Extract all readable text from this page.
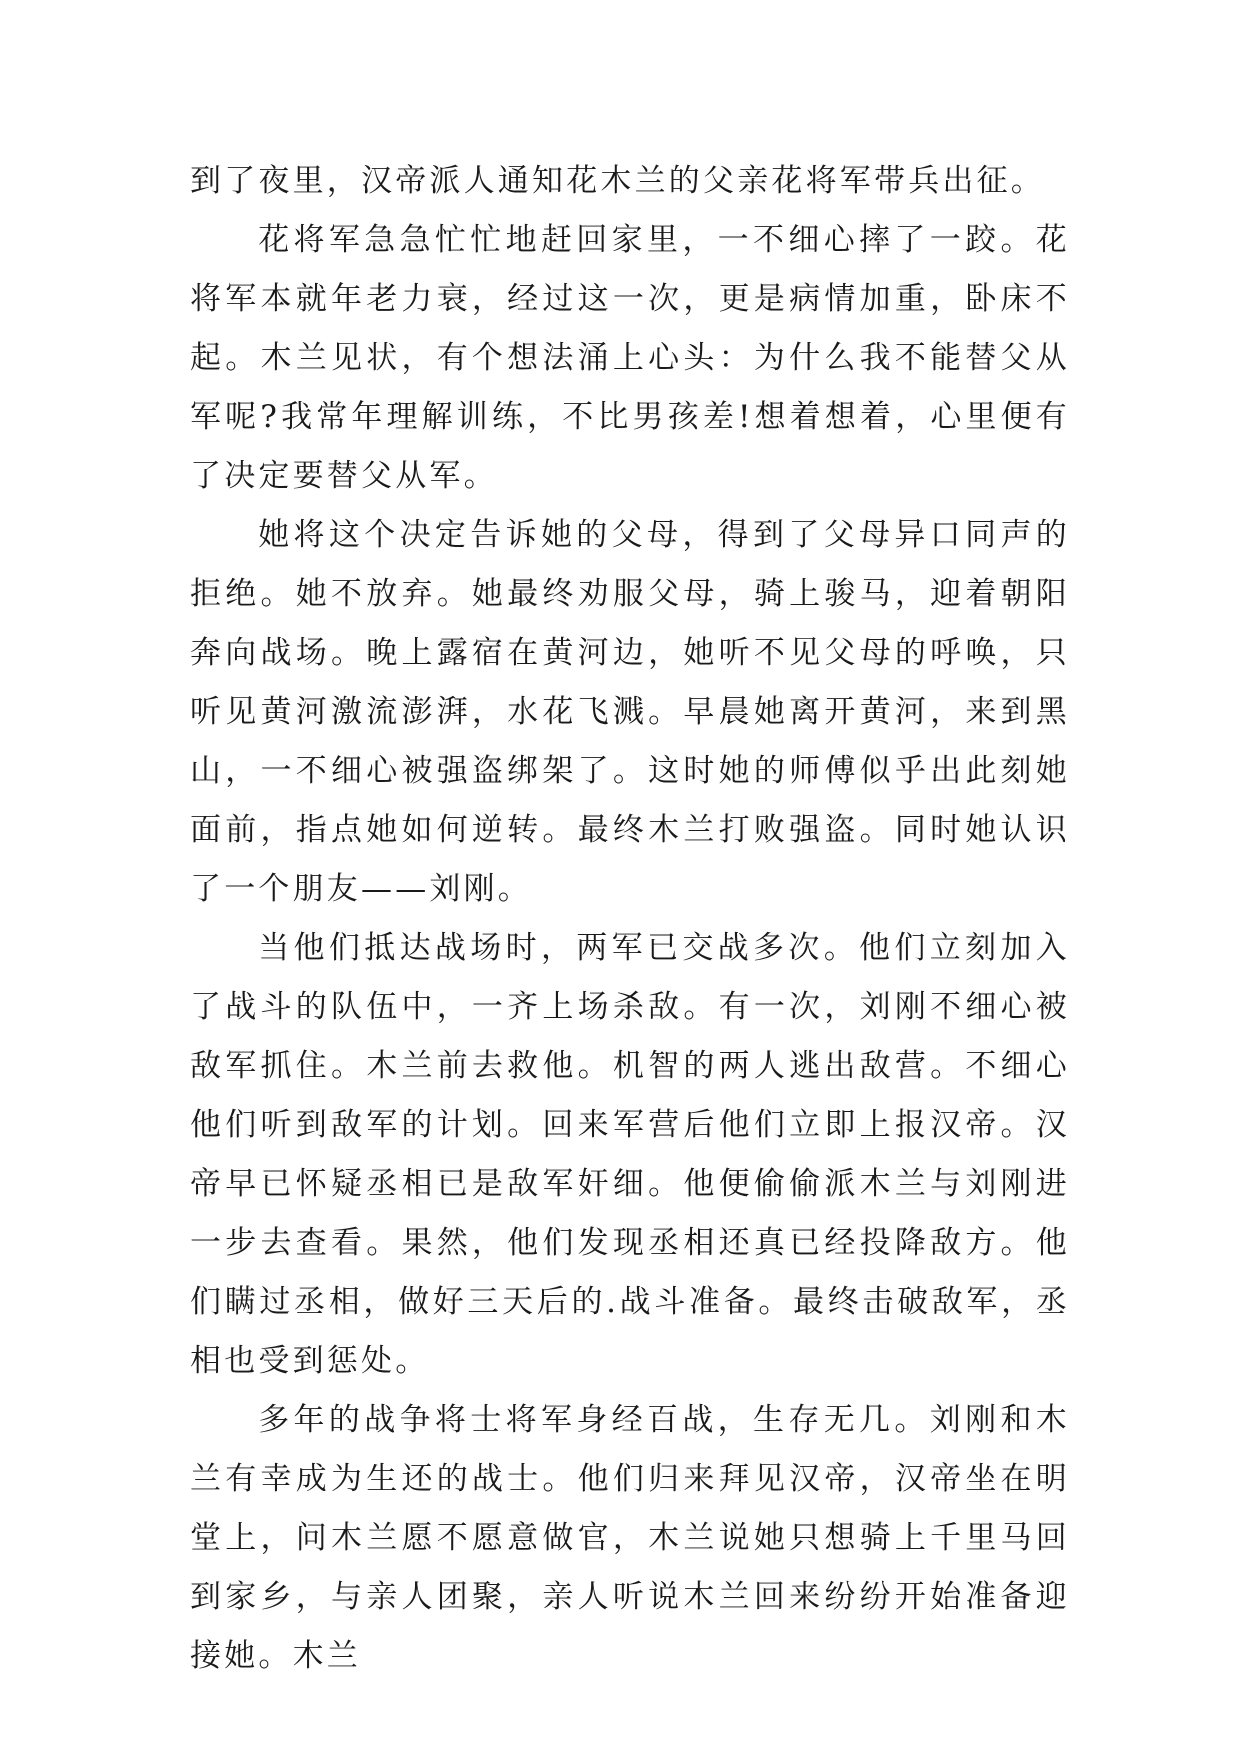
到了夜里，汉帝派人通知花木兰的父亲花将军带兵出征。

花将军急急忙忙地赶回家里，一不细心摔了一跤。花将军本就年老力衰，经过这一次，更是病情加重，卧床不起。木兰见状，有个想法涌上心头：为什么我不能替父从军呢?我常年理解训练，不比男孩差!想着想着，心里便有了决定要替父从军。

她将这个决定告诉她的父母，得到了父母异口同声的拒绝。她不放弃。她最终劝服父母，骑上骏马，迎着朝阳奔向战场。晚上露宿在黄河边，她听不见父母的呼唤，只听见黄河激流澎湃，水花飞溅。早晨她离开黄河，来到黑山，一不细心被强盗绑架了。这时她的师傅似乎出此刻她面前，指点她如何逆转。最终木兰打败强盗。同时她认识了一个朋友——刘刚。

当他们抵达战场时，两军已交战多次。他们立刻加入了战斗的队伍中，一齐上场杀敌。有一次，刘刚不细心被敌军抓住。木兰前去救他。机智的两人逃出敌营。不细心他们听到敌军的计划。回来军营后他们立即上报汉帝。汉帝早已怀疑丞相已是敌军奸细。他便偷偷派木兰与刘刚进一步去查看。果然，他们发现丞相还真已经投降敌方。他们瞒过丞相，做好三天后的.战斗准备。最终击破敌军，丞相也受到惩处。

多年的战争将士将军身经百战，生存无几。刘刚和木兰有幸成为生还的战士。他们归来拜见汉帝，汉帝坐在明堂上，问木兰愿不愿意做官，木兰说她只想骑上千里马回到家乡，与亲人团聚，亲人听说木兰回来纷纷开始准备迎接她。木兰
